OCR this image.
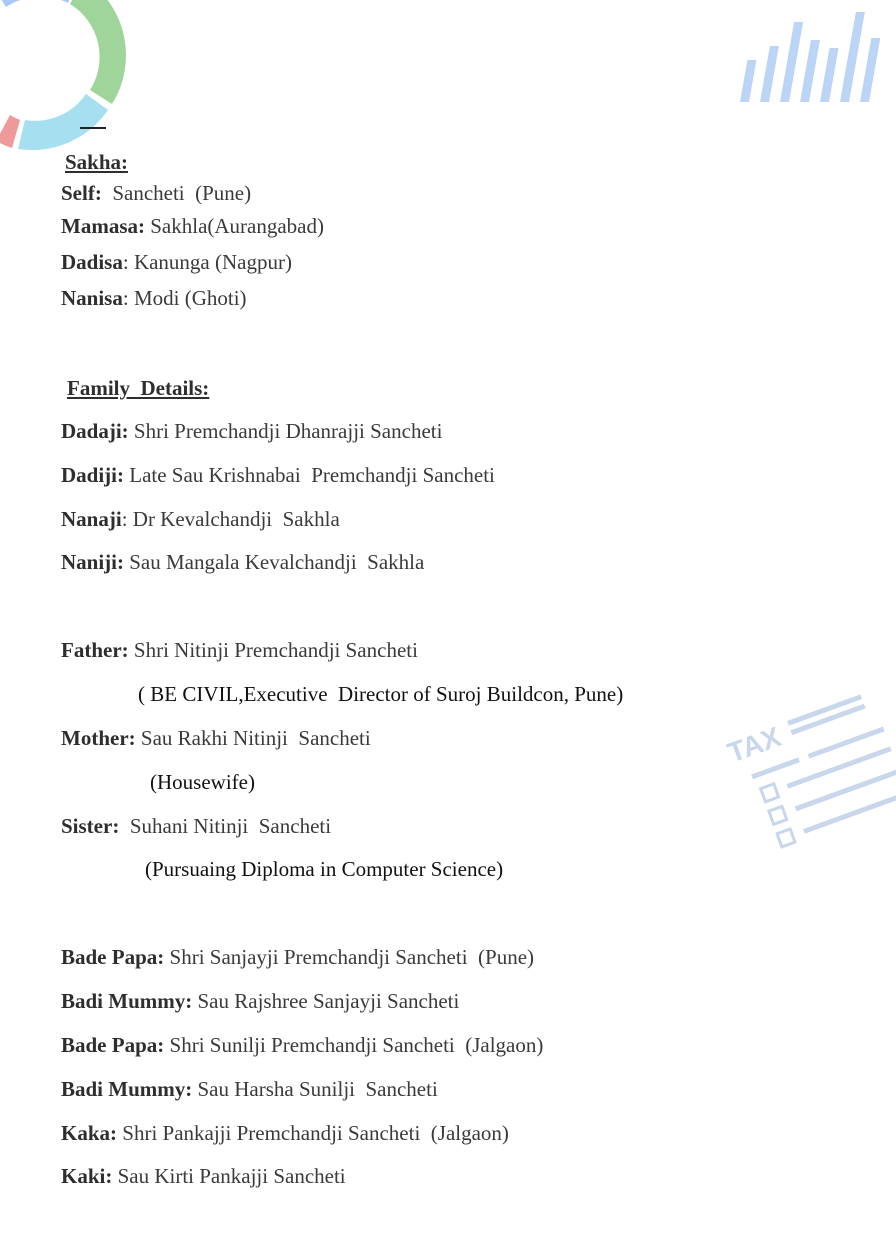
TAX
Sakha:
Self:  Sancheti  (Pune)
Mamasa: Sakhla(Aurangabad)
Dadisa: Kanunga (Nagpur)
Nanisa: Modi (Ghoti)
Family  Details:
Dadaji: Shri Premchandji Dhanrajji Sancheti
Dadiji: Late Sau Krishnabai  Premchandji Sancheti
Nanaji: Dr Kevalchandji  Sakhla
Naniji: Sau Mangala Kevalchandji  Sakhla
Father: Shri Nitinji Premchandji Sancheti
( BE CIVIL,Executive  Director of Suroj Buildcon, Pune)
Mother: Sau Rakhi Nitinji  Sancheti
(Housewife)
Sister:  Suhani Nitinji  Sancheti
(Pursuaing Diploma in Computer Science)
Bade Papa: Shri Sanjayji Premchandji Sancheti  (Pune)
Badi Mummy: Sau Rajshree Sanjayji Sancheti
Bade Papa: Shri Sunilji Premchandji Sancheti  (Jalgaon)
Badi Mummy: Sau Harsha Sunilji  Sancheti
Kaka: Shri Pankajji Premchandji Sancheti  (Jalgaon)
Kaki: Sau Kirti Pankajji Sancheti
